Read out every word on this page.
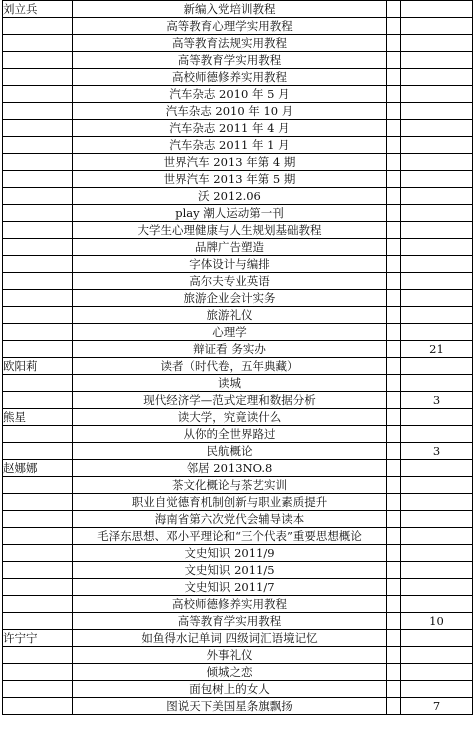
刘立兵	新编入党培训教程		
	高等教育心理学实用教程		
	高等教育法规实用教程		
	高等教育学实用教程		
	高校师德修养实用教程		
	汽车杂志 2010 年 5 月		
	汽车杂志 2010 年 10 月		
	汽车杂志 2011 年 4 月		
	汽车杂志 2011 年 1 月		
	世界汽车 2013 年第 4 期		
	世界汽车 2013 年第 5 期		
	沃 2012.06		
	play 潮人运动第一刊		
	大学生心理健康与人生规划基础教程		
	品牌广告塑造		
	字体设计与编排		
	高尔夫专业英语		
	旅游企业会计实务		
	旅游礼仪		
	心理学		
	辩证看 务实办		21
欧阳莉	读者（时代卷，五年典藏）		
	读城		
	现代经济学—范式定理和数据分析		3
熊星	读大学，究竟读什么		
	从你的全世界路过		
	民航概论		3
赵娜娜	邻居 2013NO.8		
	茶文化概论与茶艺实训		
	职业自觉德育机制创新与职业素质提升		
	海南省第六次党代会辅导读本		
	毛泽东思想、邓小平理论和“三个代表”重要思想概论		
	文史知识 2011/9		
	文史知识 2011/5		
	文史知识 2011/7		
	高校师德修养实用教程		
	高等教育学实用教程		10
许宁宁	如鱼得水记单词 四级词汇语境记忆		
	外事礼仪		
	倾城之恋		
	面包树上的女人		
	图说天下美国星条旗飘扬		7
